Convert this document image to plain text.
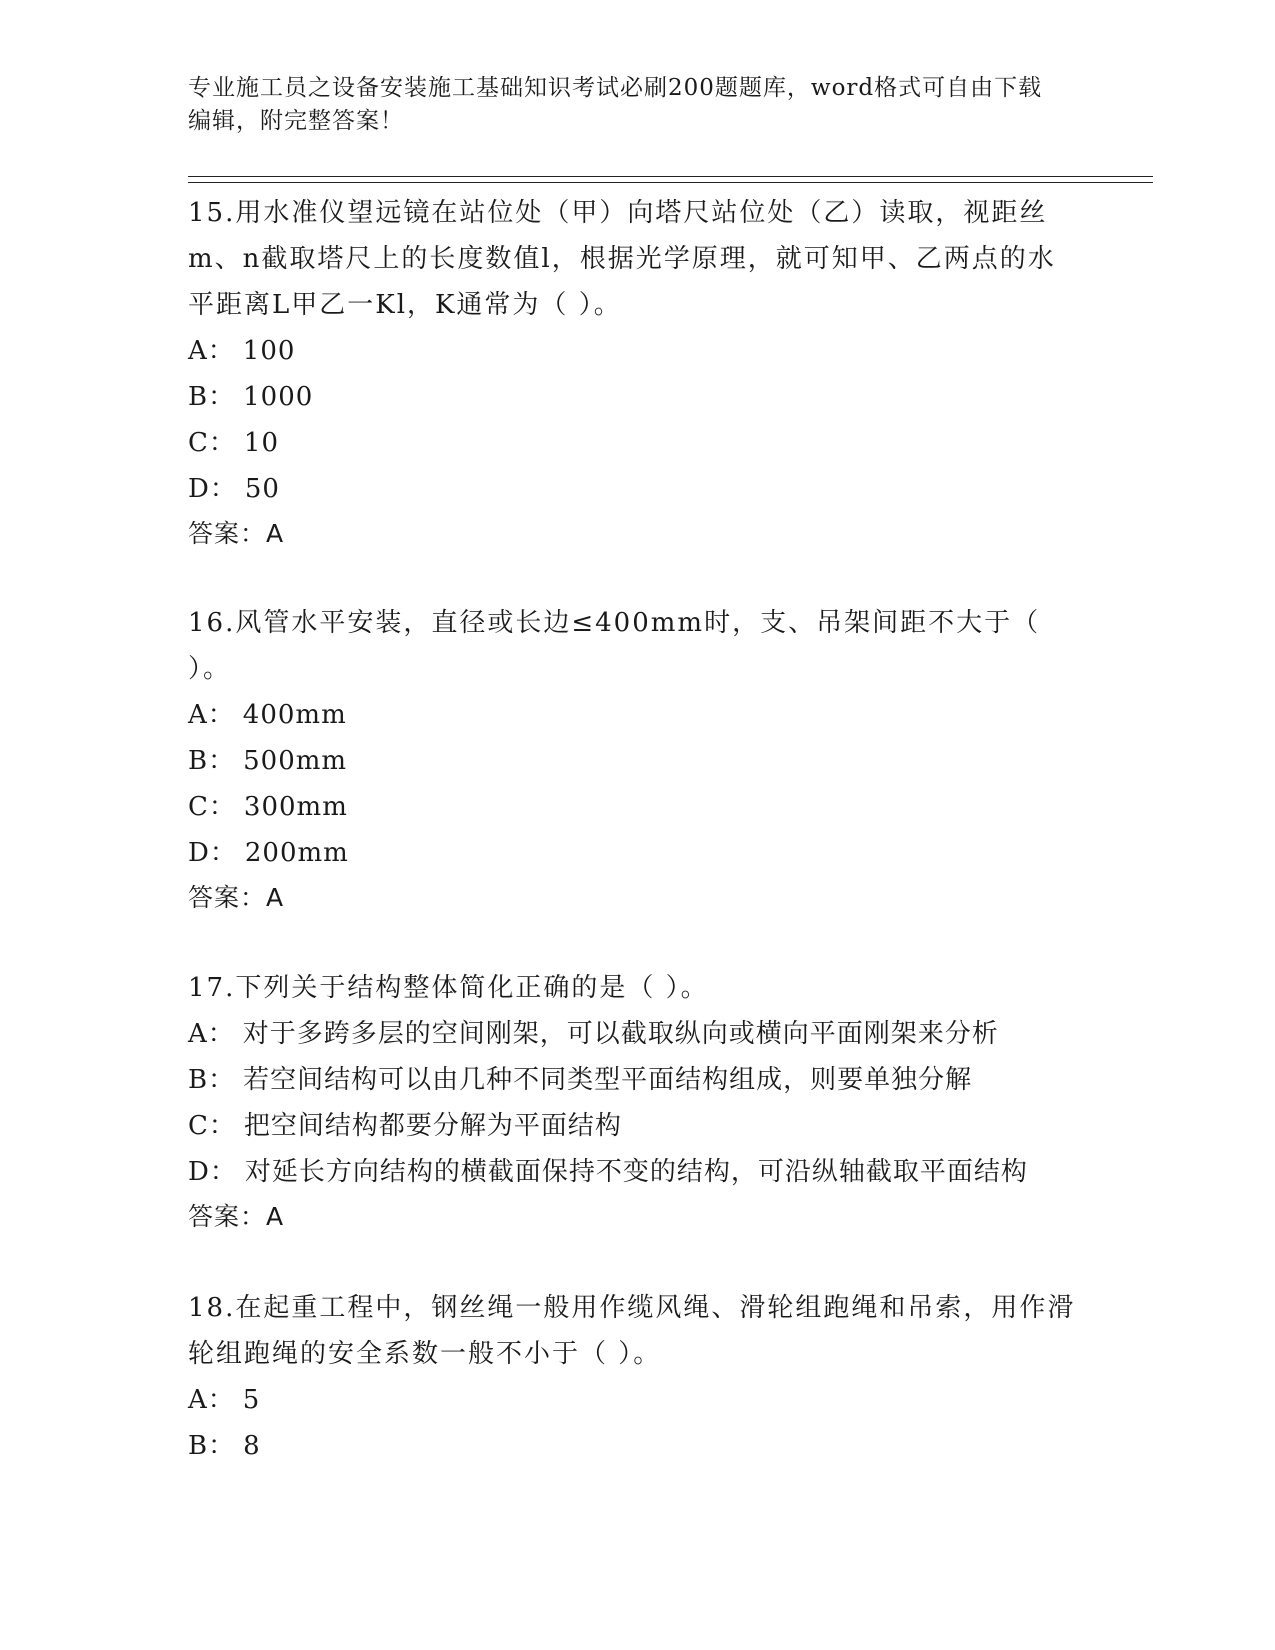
专业施工员之设备安装施工基础知识考试必刷200题题库，word格式可自由下载
编辑，附完整答案！
15.用水准仪望远镜在站位处（甲）向塔尺站位处（乙）读取，视距丝m、n截取塔尺上的长度数值l，根据光学原理，就可知甲、乙两点的水平距离L甲乙一Kl，K通常为（ ）。
A： 100
B： 1000
C： 10
D： 50
答案：A
16.风管水平安装，直径或长边≤400mm时，支、吊架间距不大于（ ）。
A： 400mm
B： 500mm
C： 300mm
D： 200mm
答案：A
17.下列关于结构整体简化正确的是（ ）。
A： 对于多跨多层的空间刚架，可以截取纵向或横向平面刚架来分析
B： 若空间结构可以由几种不同类型平面结构组成，则要单独分解
C： 把空间结构都要分解为平面结构
D： 对延长方向结构的横截面保持不变的结构，可沿纵轴截取平面结构
答案：A
18.在起重工程中，钢丝绳一般用作缆风绳、滑轮组跑绳和吊索，用作滑轮组跑绳的安全系数一般不小于（ ）。
A： 5
B： 8
